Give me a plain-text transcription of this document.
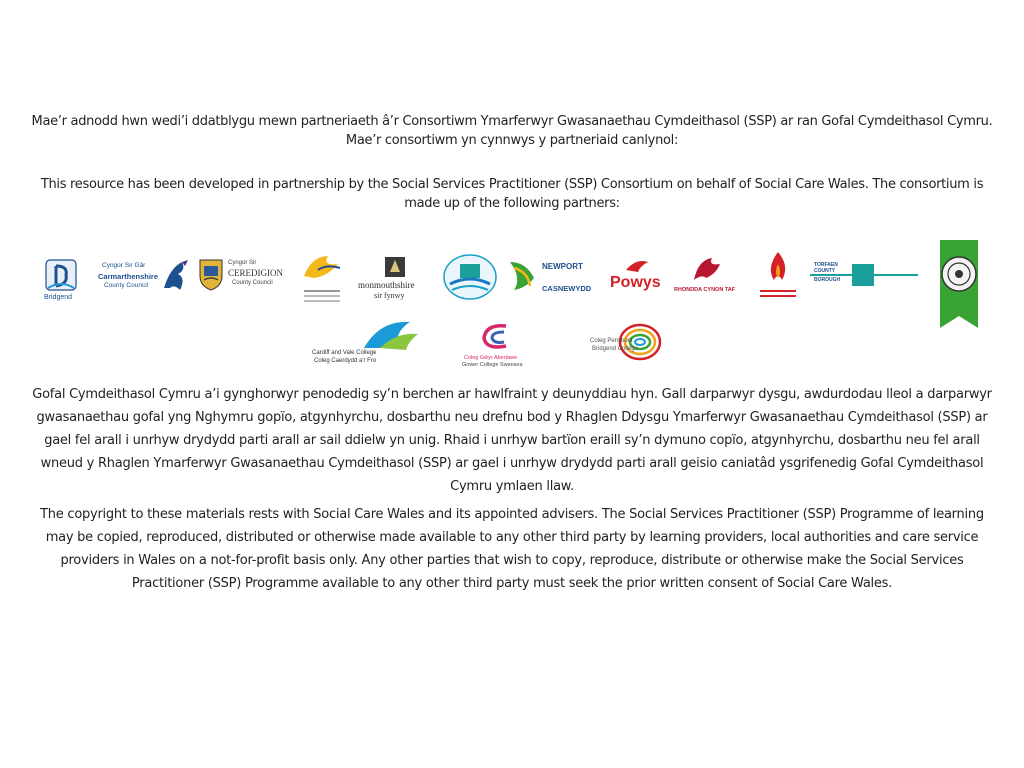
Mae’r adnodd hwn wedi’i ddatblygu mewn partneriaeth â’r Consortiwm Ymarferwyr Gwasanaethau Cymdeithasol (SSP) ar ran Gofal Cymdeithasol Cymru. Mae’r consortiwm yn cynnwys y partneriaid canlynol:
This resource has been developed in partnership by the Social Services Practitioner (SSP) Consortium on behalf of Social Care Wales. The consortium is made up of the following partners:
Bridgend
Cyngor Sir Gâr
Carmarthenshire
County Council
Cyngor Sir
CEREDIGION
County Council	monmouthshire
sir fynwy
NEWPORT
CASNEWYDD Powys RHONDDA CYNON TAF
TORFAEN
COUNTY
BOROUGH
Cardiff and Vale College
Coleg Caerdydd a'r Fro	Coleg Gŵyr Abertawe
Gower College Swansea
Coleg Penybont
Bridgend College
Gofal Cymdeithasol Cymru a’i gynghorwyr penodedig sy’n berchen ar hawlfraint y deunyddiau hyn. Gall darparwyr dysgu, awdurdodau lleol a darparwyr gwasanaethau gofal yng Nghymru gopïo, atgynhyrchu, dosbarthu neu drefnu bod y Rhaglen Ddysgu Ymarferwyr Gwasanaethau Cymdeithasol (SSP) ar gael fel arall i unrhyw drydydd parti arall ar sail ddielw yn unig. Rhaid i unrhyw bartïon eraill sy’n dymuno copïo, atgynhyrchu, dosbarthu neu fel arall wneud y Rhaglen Ymarferwyr Gwasanaethau Cymdeithasol (SSP) ar gael i unrhyw drydydd parti arall geisio caniatâd ysgrifenedig Gofal Cymdeithasol Cymru ymlaen llaw.
The copyright to these materials rests with Social Care Wales and its appointed advisers. The Social Services Practitioner (SSP) Programme of learning may be copied, reproduced, distributed or otherwise made available to any other third party by learning providers, local authorities and care service providers in Wales on a not-for-profit basis only. Any other parties that wish to copy, reproduce, distribute or otherwise make the Social Services Practitioner (SSP) Programme available to any other third party must seek the prior written consent of Social Care Wales.
